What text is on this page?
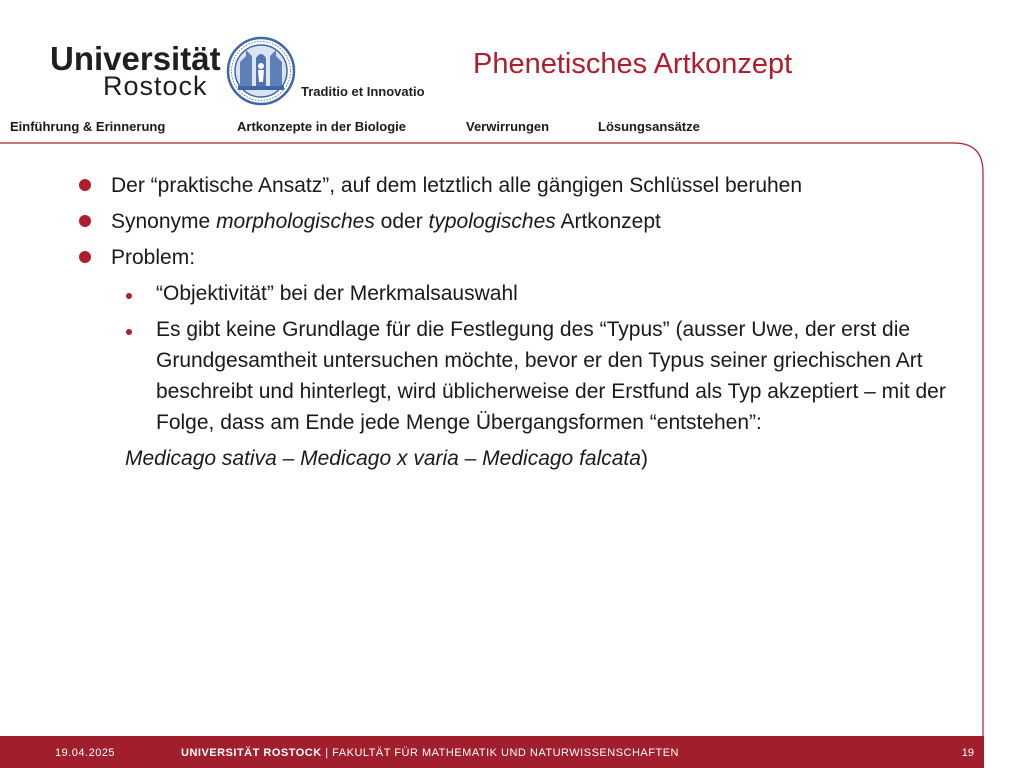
Universität
Rostock	Traditio et Innovatio
Phenetisches Artkonzept
Einführung & Erinnerung	Artkonzepte in der Biologie	Verwirrungen	Lösungsansätze
Der “praktische Ansatz”, auf dem letztlich alle gängigen Schlüssel beruhen
Synonyme morphologisches oder typologisches Artkonzept
Problem:
“Objektivität” bei der Merkmalsauswahl
Es gibt keine Grundlage für die Festlegung des “Typus” (ausser Uwe, der erst die Grundgesamtheit untersuchen möchte, bevor er den Typus seiner griechischen Art beschreibt und hinterlegt, wird üblicherweise der Erstfund als Typ akzeptiert – mit der Folge, dass am Ende jede Menge Übergangsformen “entstehen”:
Medicago sativa – Medicago x varia – Medicago falcata)
19.04.2025	UNIVERSITÄT ROSTOCK | FAKULTÄT FÜR MATHEMATIK UND NATURWISSENSCHAFTEN	19
